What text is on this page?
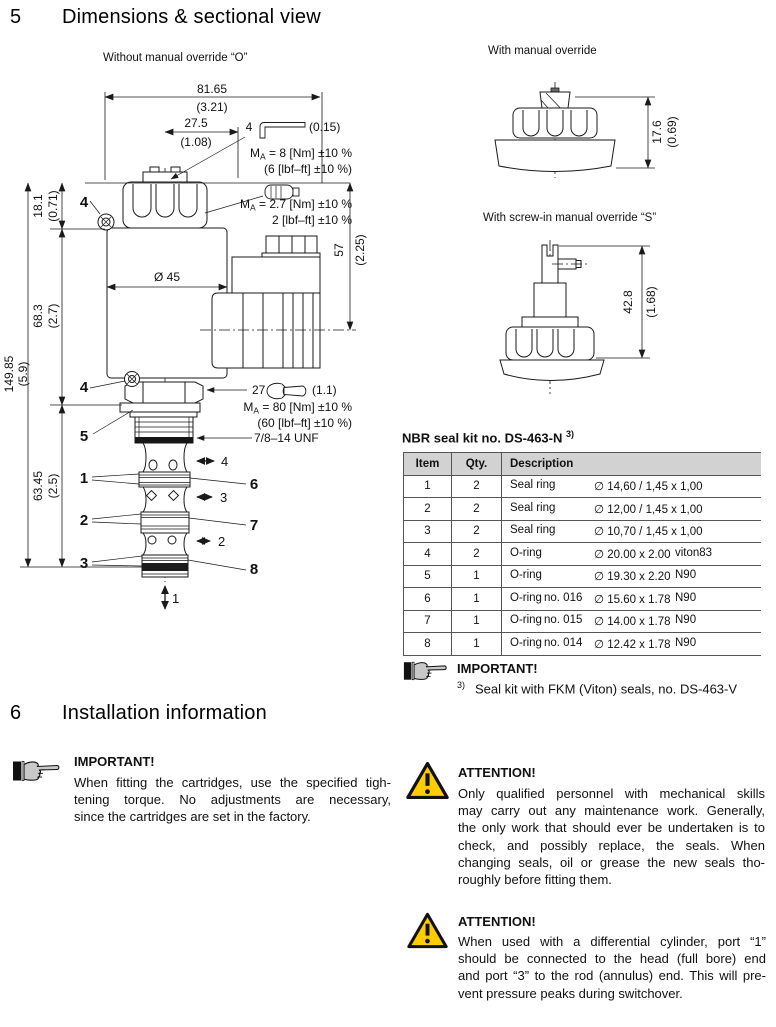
5	Dimensions & sectional view
Without manual override “O”
With manual override
With screw-in manual override “S”
81.65
(3.21)
27.5
(1.08)
4	(0.15)
$M_A = 8$ [Nm] ±10 %
(6 [lbf–ft] ±10 %)
18.1 (0.71) 4	$M_A = 2.7$ [Nm] ±10 %
2 [lbf–ft] ±10 %
Ø 45
57 (2.25)
68.3 (2.7)
149.85 (5.9)
4	27	(1.1)
$M_A = 80$ [Nm] ±10 %
(60 [lbf–ft] ±10 %)
5	7/8–14 UNF
4
1	6
3
63.45 (2.5)
2	7
2
3	8
1
17.6 (0.69)
42.8 (1.68)
NBR seal kit no. DS-463-N $^{3)}$
Item	Qty.	Description
1	2	Seal ring ∅ 14,60 / 1,45 x 1,00
2	2	Seal ring ∅ 12,00 / 1,45 x 1,00
3	2	Seal ring ∅ 10,70 / 1,45 x 1,00
4	2	O-ring ∅ 20.00 x 2.00 viton83
5	1	O-ring ∅ 19.30 x 2.20 N90
6	1	O-ring no. 016 ∅ 15.60 x 1.78 N90
7	1	O-ring no. 015 ∅ 14.00 x 1.78 N90
8	1	O-ring no. 014 ∅ 12.42 x 1.78 N90
IMPORTANT!
$^{3)}$ Seal kit with FKM (Viton) seals, no. DS-463-V
6	Installation information
IMPORTANT!
When fitting the cartridges, use the specified tigh-
tening torque. No adjustments are necessary,
since the cartridges are set in the factory.
ATTENTION!
Only qualified personnel with mechanical skills
may carry out any maintenance work. Generally,
the only work that should ever be undertaken is to
check, and possibly replace, the seals. When
changing seals, oil or grease the new seals tho-
roughly before fitting them.
ATTENTION!
When used with a differential cylinder, port “1”
should be connected to the head (full bore) end
and port “3” to the rod (annulus) end. This will pre-
vent pressure peaks during switchover.
